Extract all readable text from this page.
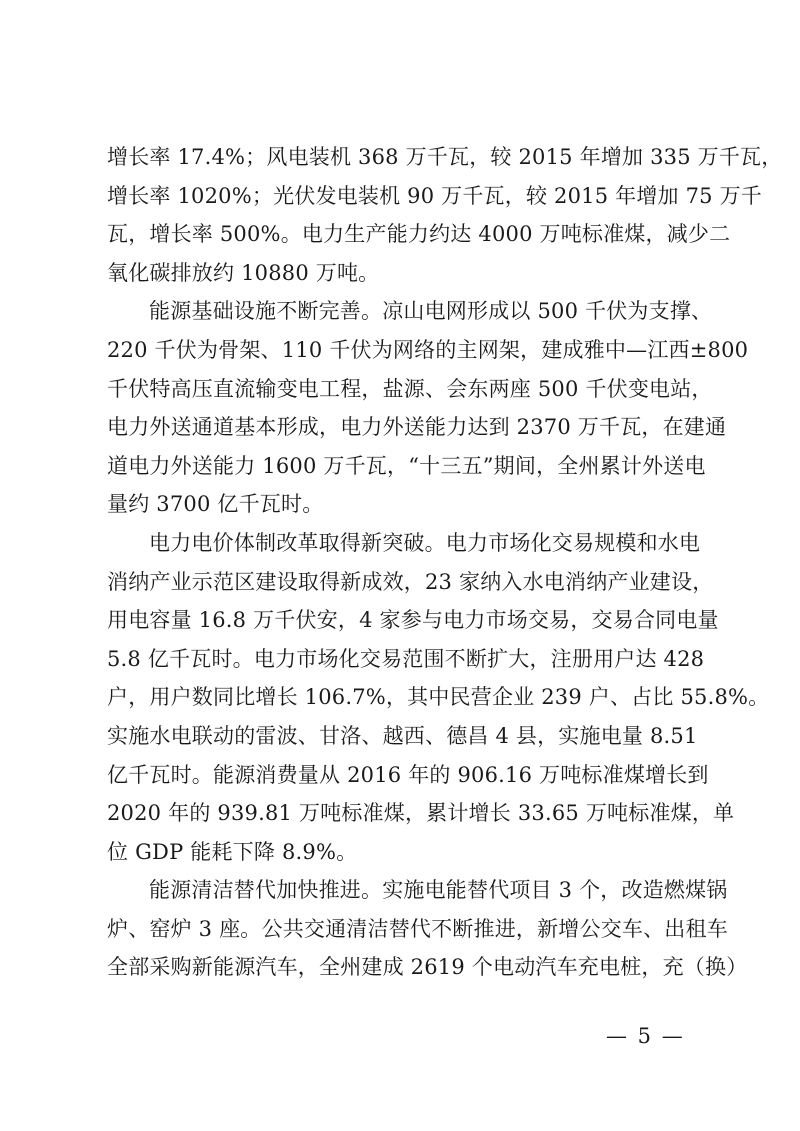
增长率 17.4%；风电装机 368 万千瓦，较 2015 年增加 335 万千瓦，
增长率 1020%；光伏发电装机 90 万千瓦，较 2015 年增加 75 万千
瓦，增长率 500%。电力生产能力约达 4000 万吨标准煤，减少二
氧化碳排放约 10880 万吨。
能源基础设施不断完善。凉山电网形成以 500 千伏为支撑、
220 千伏为骨架、110 千伏为网络的主网架，建成雅中—江西±800
千伏特高压直流输变电工程，盐源、会东两座 500 千伏变电站，
电力外送通道基本形成，电力外送能力达到 2370 万千瓦，在建通
道电力外送能力 1600 万千瓦，“十三五”期间，全州累计外送电
量约 3700 亿千瓦时。
电力电价体制改革取得新突破。电力市场化交易规模和水电
消纳产业示范区建设取得新成效，23 家纳入水电消纳产业建设，
用电容量 16.8 万千伏安，4 家参与电力市场交易，交易合同电量
5.8 亿千瓦时。电力市场化交易范围不断扩大，注册用户达 428
户，用户数同比增长 106.7%，其中民营企业 239 户、占比 55.8%。
实施水电联动的雷波、甘洛、越西、德昌 4 县，实施电量 8.51
亿千瓦时。能源消费量从 2016 年的 906.16 万吨标准煤增长到
2020 年的 939.81 万吨标准煤，累计增长 33.65 万吨标准煤，单
位 GDP 能耗下降 8.9%。
能源清洁替代加快推进。实施电能替代项目 3 个，改造燃煤锅
炉、窑炉 3 座。公共交通清洁替代不断推进，新增公交车、出租车
全部采购新能源汽车，全州建成 2619 个电动汽车充电桩，充（换）
— 5 —
